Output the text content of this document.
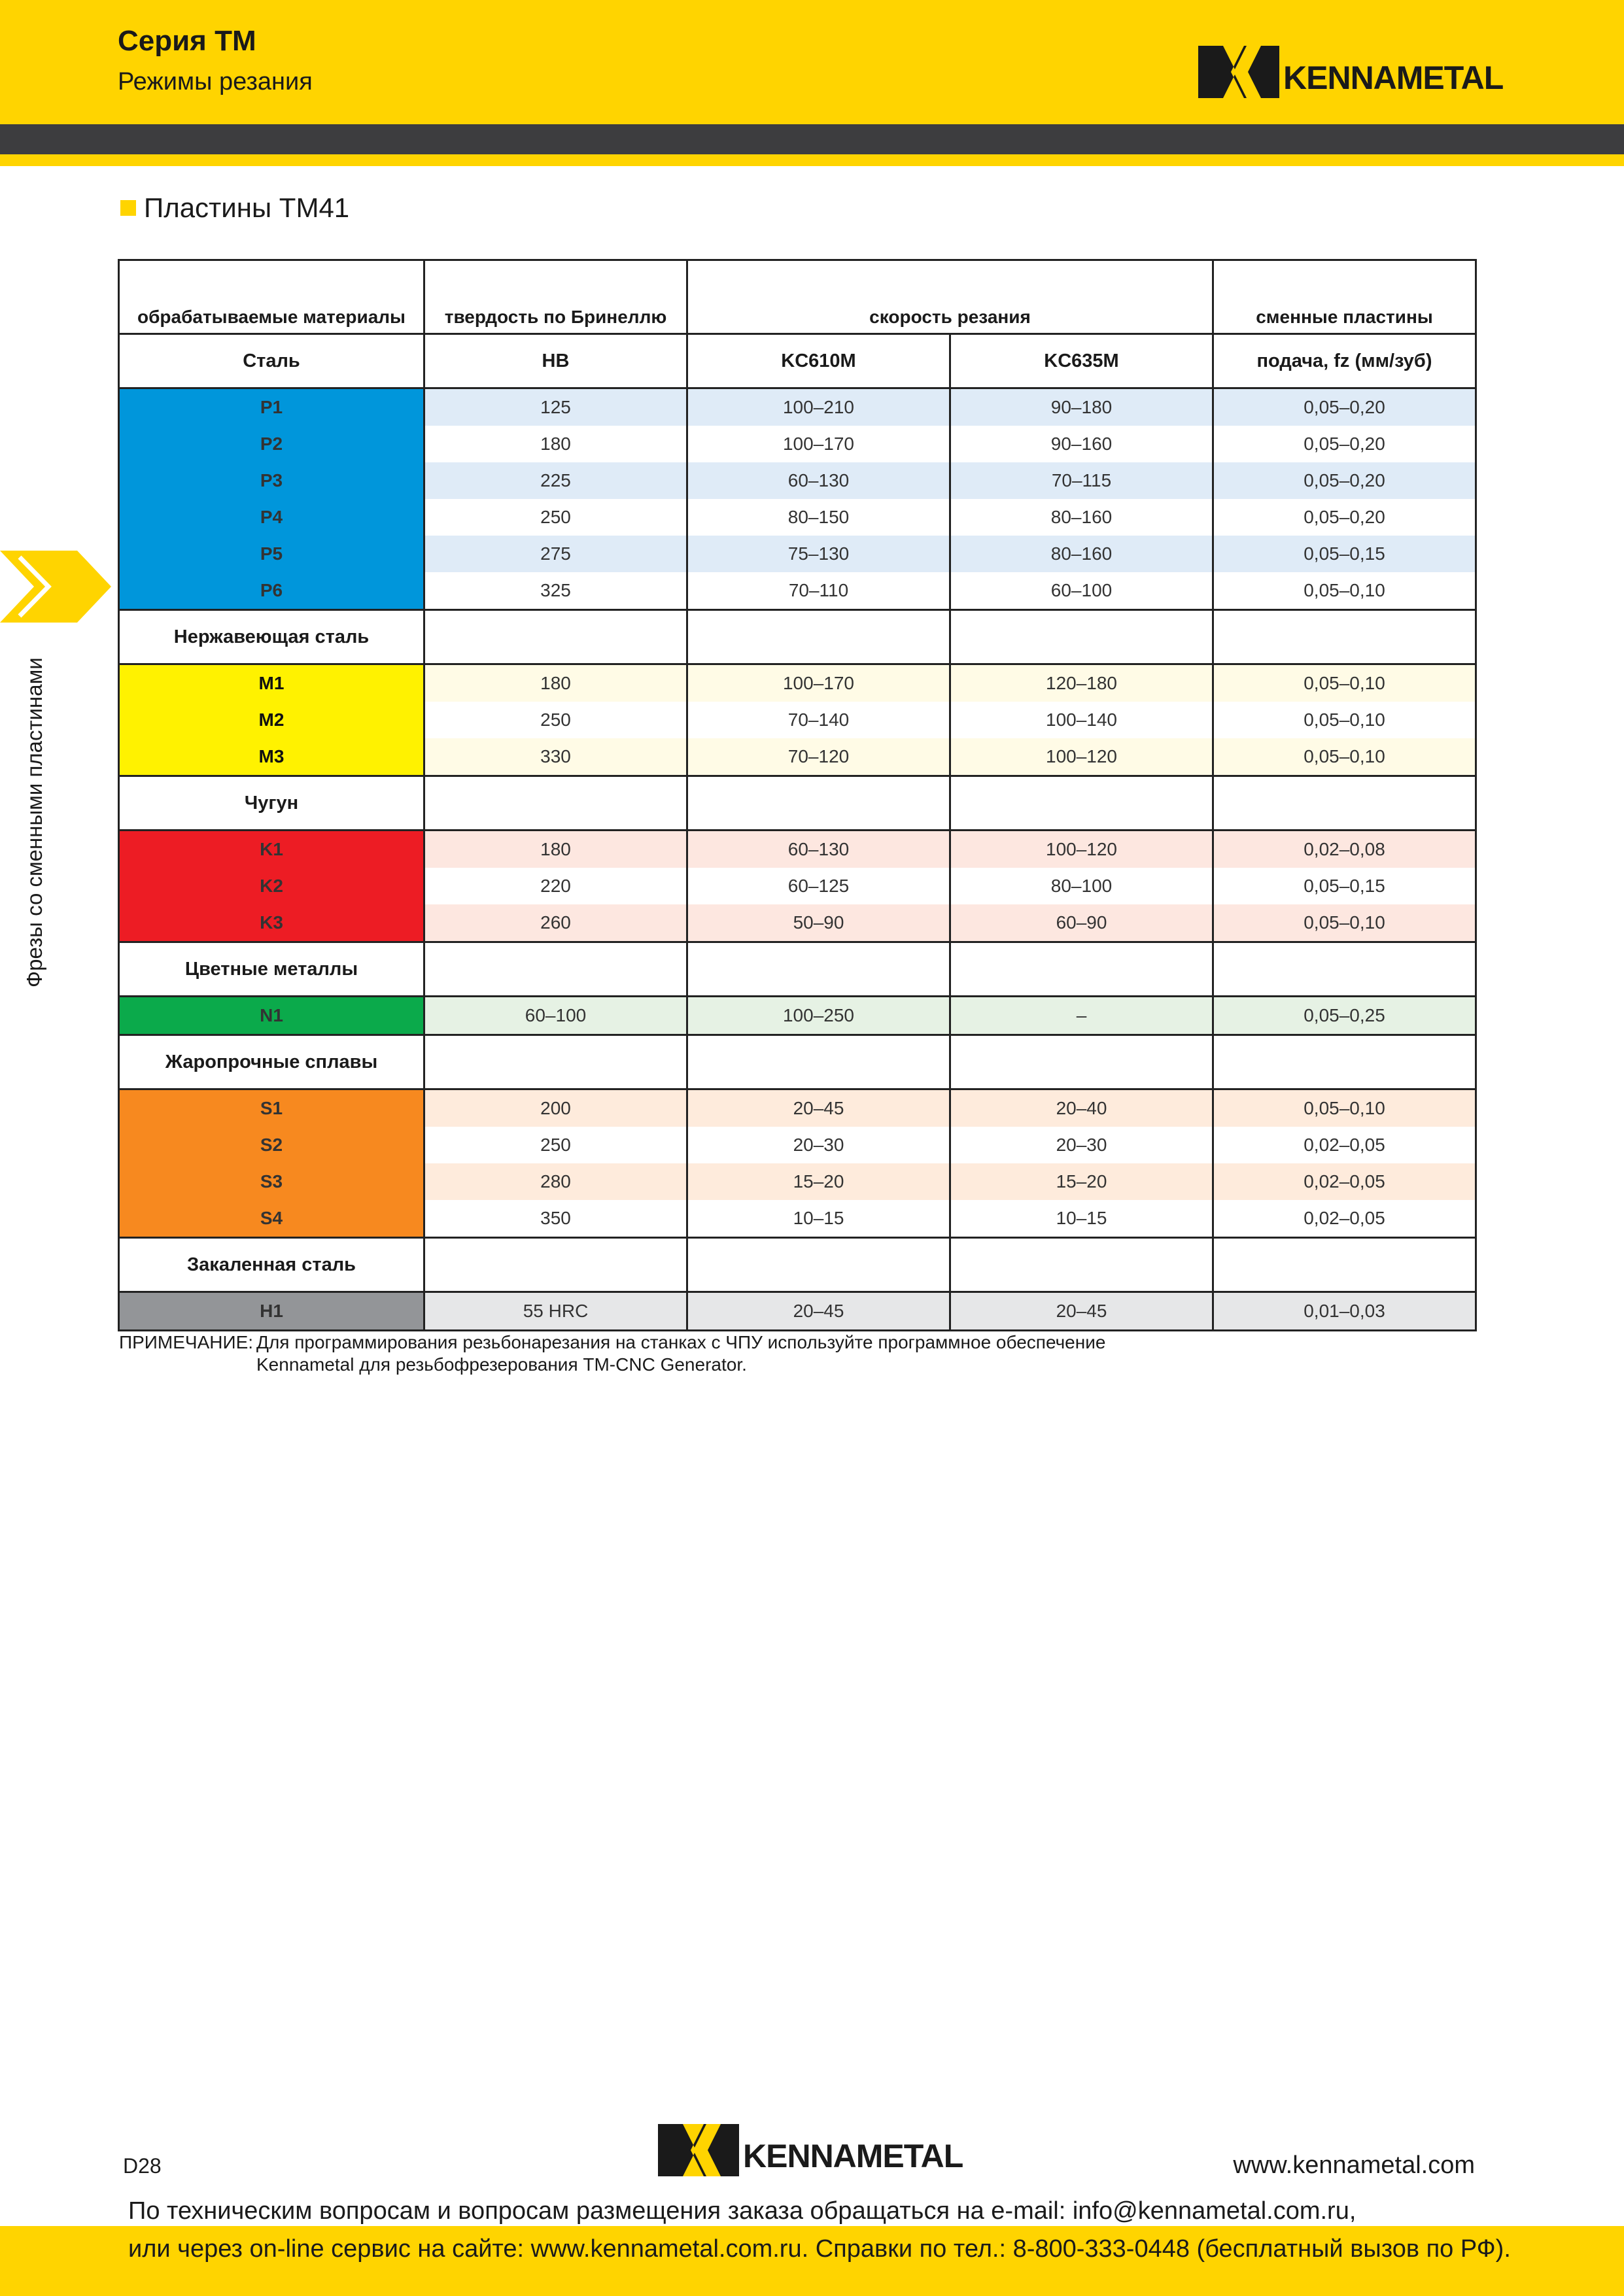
Серия TM
Режимы резания	KENNAMETAL
Фрезы со сменными пластинами
Пластины TM41
обрабатываемые материалы	твердость по Бринеллю	скорость резания		сменные пластины
Сталь	HB	KC610M	KC635M	подача, fz (мм/зуб)
P1	125	100–210	90–180	0,05–0,20
P2	180	100–170	90–160	0,05–0,20
P3	225	60–130	70–115	0,05–0,20
P4	250	80–150	80–160	0,05–0,20
P5	275	75–130	80–160	0,05–0,15
P6	325	70–110	60–100	0,05–0,10
Нержавеющая сталь				
M1	180	100–170	120–180	0,05–0,10
M2	250	70–140	100–140	0,05–0,10
M3	330	70–120	100–120	0,05–0,10
Чугун				
K1	180	60–130	100–120	0,02–0,08
K2	220	60–125	80–100	0,05–0,15
K3	260	50–90	60–90	0,05–0,10
Цветные металлы				
N1	60–100	100–250	–	0,05–0,25
Жаропрочные сплавы				
S1	200	20–45	20–40	0,05–0,10
S2	250	20–30	20–30	0,02–0,05
S3	280	15–20	15–20	0,02–0,05
S4	350	10–15	10–15	0,02–0,05
Закаленная сталь				
H1	55 HRC	20–45	20–45	0,01–0,03
ПРИМЕЧАНИЕ: Для программирования резьбонарезания на станках с ЧПУ используйте программное обеспечение
Kennametal для резьбофрезерования TM-CNC Generator.
D28	KENNAMETAL	www.kennametal.com
По техническим вопросам и вопросам размещения заказа обращаться на e-mail: info@kennametal.com.ru,
или через on-line сервис на сайте: www.kennametal.com.ru. Справки по тел.: 8-800-333-0448 (бесплатный вызов по РФ).
